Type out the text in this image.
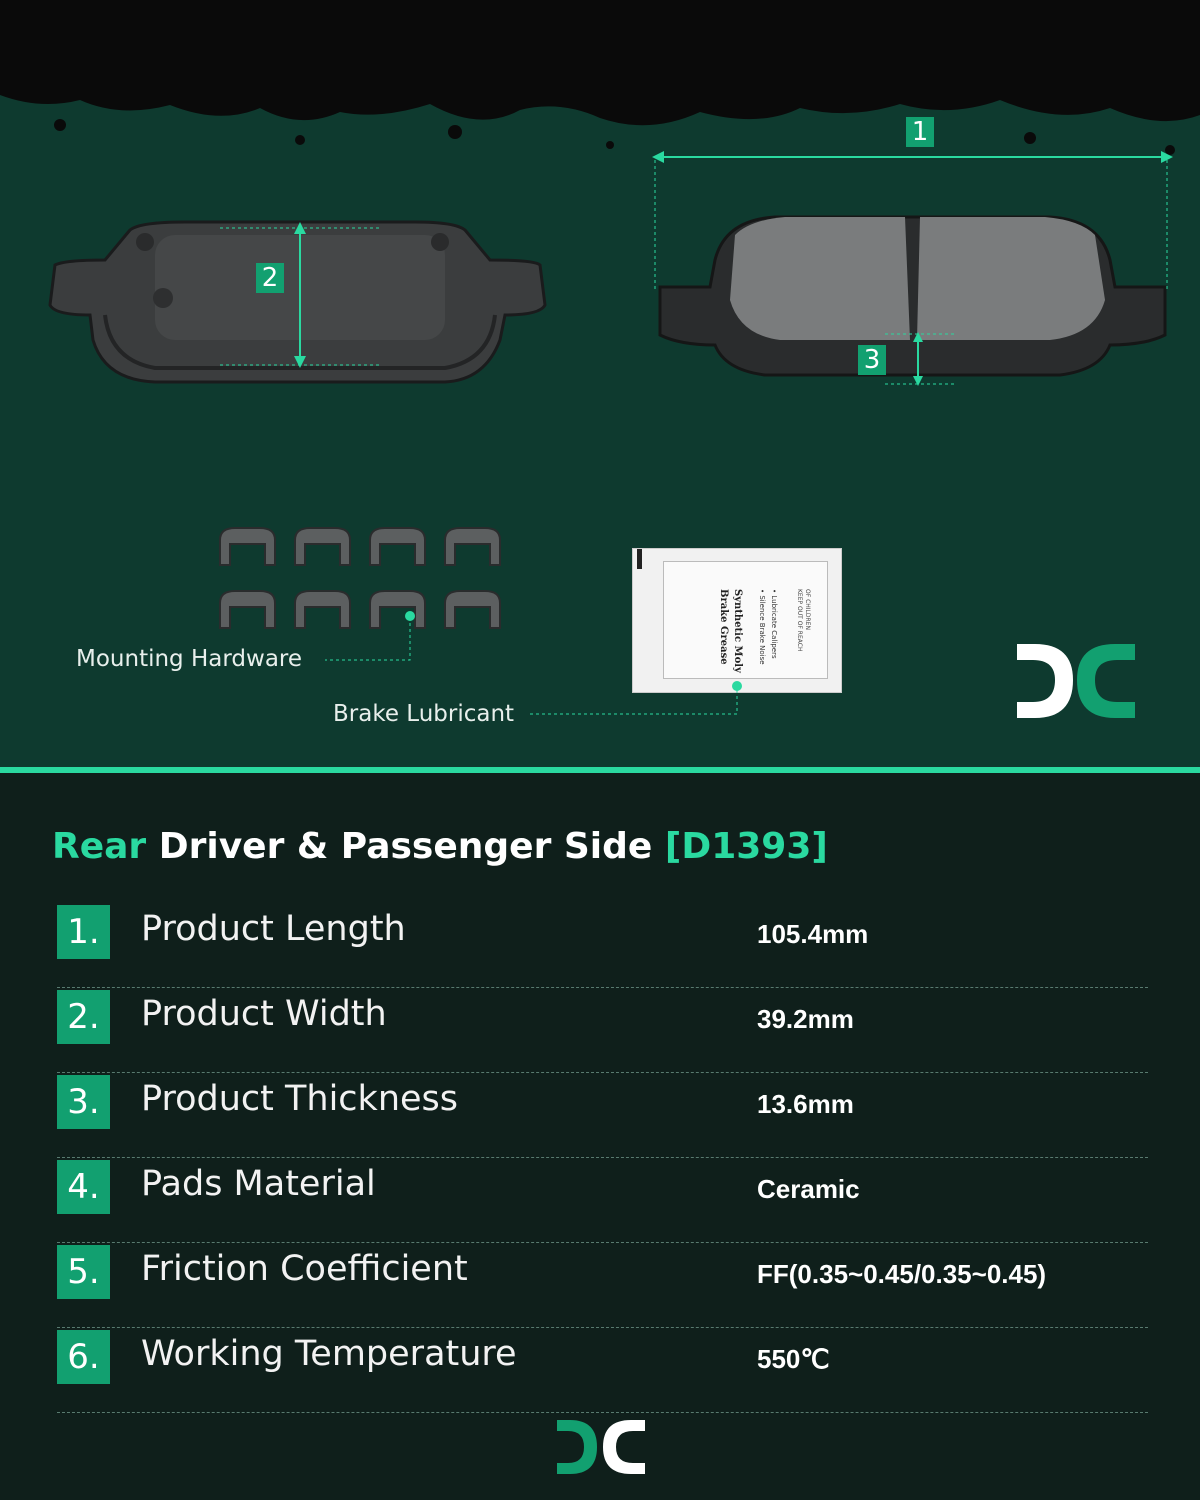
2
1
3
Mounting Hardware	Synthetic Moly
Brake Grease	• Silence Brake Noise • Lubricate Calipers	KEEP OUT OF REACH OF CHILDREN
Brake Lubricant
Rear Driver & Passenger Side [D1393]
1. Product Length	105.4mm
2. Product Width	39.2mm
3. Product Thickness	13.6mm
4. Pads Material	Ceramic
5. Friction Coefficient	FF(0.35~0.45/0.35~0.45)
6. Working Temperature	550℃
